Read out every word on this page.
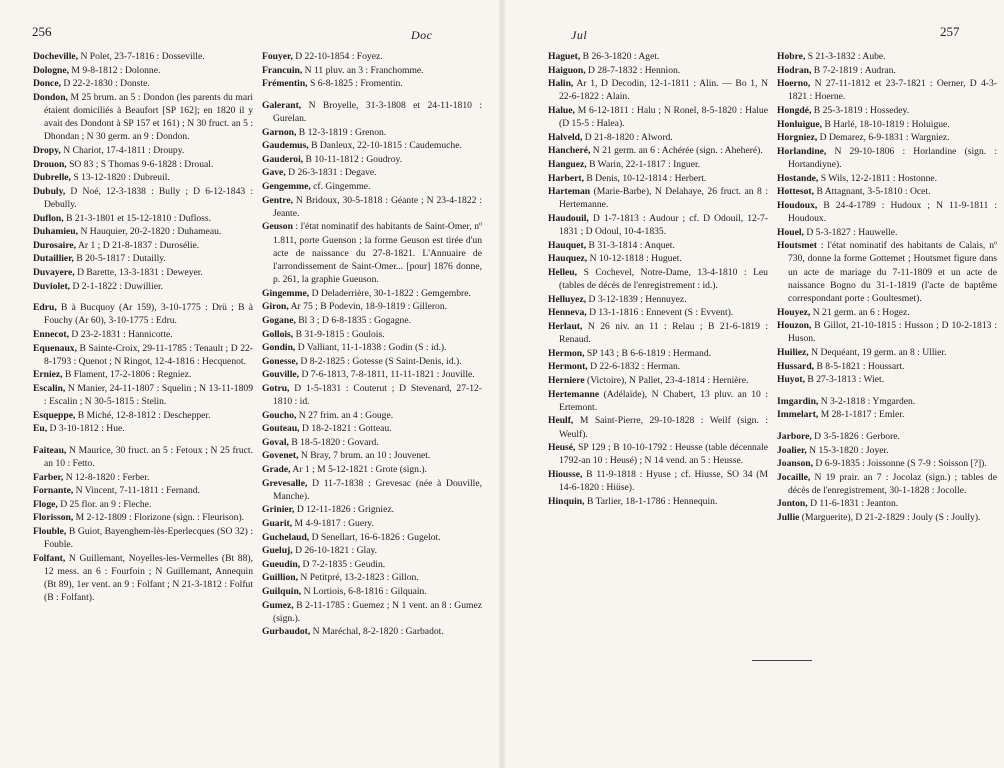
256	Doc
Docheville, N Polet, 23-7-1816 : Dosseville.
Dologne, M 9-8-1812 : Dolonne.
Donce, D 22-2-1830 : Donste.
Dondon, M 25 brum. an 5 : Dondon (les parents du mari étaient domiciliés à Beaufort [SP 162]; en 1820 il y avait des Dondont à SP 157 et 161) ; N 30 fruct. an 5 : Dhondan ; N 30 germ. an 9 : Dondon.
Dropy, N Chariot, 17-4-1811 : Droupy.
Drouon, SO 83 ; S Thomas 9-6-1828 : Droual.
Dubrelle, S 13-12-1820 : Dubreuil.
Dubuly, D Noé, 12-3-1838 : Bully ; D 6-12-1843 : Debully.
Duflon, B 21-3-1801 et 15-12-1810 : Dufloss.
Duhamieu, N Hauquier, 20-2-1820 : Duhameau.
Durosaire, Ar 1 ; D 21-8-1837 : Durosélie.
Dutaillier, B 20-5-1817 : Dutailly.
Duvayere, D Barette, 13-3-1831 : Deweyer.
Duviolet, D 2-1-1822 : Duwillier.
Edru, B à Bucquoy (Ar 159), 3-10-1775 : Drü ; B à Fouchy (Ar 60), 3-10-1775 : Edru.
Ennecot, D 23-2-1831 : Hannicotte.
Equenaux, B Sainte-Croix, 29-11-1785 : Tenault ; D 22-8-1793 : Quenot ; N Ringot, 12-4-1816 : Hecquenot.
Erniez, B Flament, 17-2-1806 : Regniez.
Escalin, N Manier, 24-11-1807 : Squelin ; N 13-11-1809 : Escalin ; N 30-5-1815 : Stelin.
Esqueppe, B Miché, 12-8-1812 : Deschepper.
Eu, D 3-10-1812 : Hue.
Faiteau, N Maurice, 30 fruct. an 5 : Fetoux ; N 25 fruct. an 10 : Fetto.
Farber, N 12-8-1820 : Ferber.
Fornante, N Vincent, 7-11-1811 : Fernand.
Floge, D 25 flor. an 9 : Fleche.
Florisson, M 2-12-1809 : Florizone (sign. : Fleurison).
Flouble, B Guiot, Bayenghem-lès-Eperlecques (SO 32) : Fouble.
Folfant, N Guillemant, Noyelles-les-Vermelles (Bt 88), 12 mess. an 6 : Fourfoin ; N Guillemant, Annequin (Bt 89), 1er vent. an 9 : Folfant ; N 21-3-1812 : Folfut (B : Folfant).
Fouyer, D 22-10-1854 : Foyez.
Francuin, N 11 pluv. an 3 : Franchomme.
Frémentin, S 6-8-1825 : Fromentin.
Galerant, N Broyelle, 31-3-1808 et 24-11-1810 : Gurelan.
Garnon, B 12-3-1819 : Grenon.
Gaudemus, B Danleux, 22-10-1815 : Caudemuche.
Gauderoi, B 10-11-1812 : Goudroy.
Gave, D 26-3-1831 : Degave.
Gengemme, cf. Gingemme.
Gentre, N Bridoux, 30-5-1818 : Géante ; N 23-4-1822 : Jeante.
Geuson : l'état nominatif des habitants de Saint-Omer, nº 1.811, porte Guenson ; la forme Geuson est tirée d'un acte de naissance du 27-8-1821. L'Annuaire de l'arrondissement de Saint-Omer... [pour] 1876 donne, p. 261, la graphie Gueuson.
Gingemme, D Deladerrière, 30-1-1822 : Gemgembre.
Giron, Ar 75 ; B Podevin, 18-9-1819 : Gilleron.
Gogane, Bl 3 ; D 6-8-1835 : Gogagne.
Gollois, B 31-9-1815 : Goulois.
Gondin, D Valliant, 11-1-1838 : Godin (S : id.).
Gonesse, D 8-2-1825 : Gotesse (S Saint-Denis, id.).
Gouville, D 7-6-1813, 7-8-1811, 11-11-1821 : Jouville.
Gotru, D 1-5-1831 : Couterut ; D Stevenard, 27-12-1810 : id.
Goucho, N 27 frim. an 4 : Gouge.
Gouteau, D 18-2-1821 : Gotteau.
Goval, B 18-5-1820 : Govard.
Govenet, N Bray, 7 brum. an 10 : Jouvenet.
Grade, Ar 1 ; M 5-12-1821 : Grote (sign.).
Grevesalle, D 11-7-1838 : Grevesac (née à Douville, Manche).
Grinier, D 12-11-1826 : Grigniez.
Guarit, M 4-9-1817 : Guery.
Guchelaud, D Senellart, 16-6-1826 : Gugelot.
Gueluj, D 26-10-1821 : Glay.
Gueudin, D 7-2-1835 : Geudin.
Guillion, N Petitpré, 13-2-1823 : Gillon.
Guilquin, N Lortiois, 6-8-1816 : Gilquain.
Gumez, B 2-11-1785 : Guemez ; N 1 vent. an 8 : Gumez (sign.).
Gurbaudot, N Maréchal, 8-2-1820 : Garbadot.
Jul	257
Haguet, B 26-3-1820 : Aget.
Haiguon, D 28-7-1832 : Hennion.
Halin, Ar 1, D Decodin, 12-1-1811 : Alin. — Bo 1, N 22-6-1822 : Alain.
Halue, M 6-12-1811 : Halu ; N Ronel, 8-5-1820 : Halue (D 15-5 : Halea).
Halveld, D 21-8-1820 : Alword.
Hancheré, N 21 germ. an 6 : Achérée (sign. : Aheheré).
Hanguez, B Warin, 22-1-1817 : Inguer.
Harbert, B Denis, 10-12-1814 : Herbert.
Harteman (Marie-Barbe), N Delahaye, 26 fruct. an 8 : Hertemanne.
Haudouil, D 1-7-1813 : Audour ; cf. D Odouil, 12-7-1831 ; D Odoul, 10-4-1835.
Hauquet, B 31-3-1814 : Anquet.
Hauquez, N 10-12-1818 : Huguet.
Helleu, S Cochevel, Notre-Dame, 13-4-1810 : Leu (tables de décès de l'enregistrement : id.).
Helluyez, D 3-12-1839 : Hennuyez.
Henneva, D 13-1-1816 : Ennevent (S : Evvent).
Herlaut, N 26 niv. an 11 : Relau ; B 21-6-1819 : Renaud.
Hermon, SP 143 ; B 6-6-1819 : Hermand.
Hermont, D 22-6-1832 : Herman.
Herniere (Victoire), N Pallet, 23-4-1814 : Hernière.
Hertemanne (Adélaïde), N Chabert, 13 pluv. an 10 : Ertemont.
Heulf, M Saint-Pierre, 29-10-1828 : Weilf (sign. : Weulf).
Heusé, SP 129 ; B 10-10-1792 : Heusse (table décennale 1792-an 10 : Heusé) ; N 14 vend. an 5 : Heusse.
Hiousse, B 11-9-1818 : Hyuse ; cf. Hiusse, SO 34 (M 14-6-1820 : Hiüse).
Hinquin, B Tarlier, 18-1-1786 : Hennequin.
Hobre, S 21-3-1832 : Aube.
Hodran, B 7-2-1819 : Audran.
Hoerno, N 27-11-1812 et 23-7-1821 : Oerner, D 4-3-1821 : Hoerne.
Hongdé, B 25-3-1819 : Hossedey.
Honluigue, B Harlé, 18-10-1819 : Holuigue.
Horgniez, D Demarez, 6-9-1831 : Wargniez.
Horlandine, N 29-10-1806 : Horlandine (sign. : Hortandiyne).
Hostande, S Wils, 12-2-1811 : Hostonne.
Hottesot, B Attagnant, 3-5-1810 : Ocet.
Houdoux, B 24-4-1789 : Hudoux ; N 11-9-1811 : Houdoux.
Houel, D 5-3-1827 : Hauwelle.
Houtsmet : l'état nominatif des habitants de Calais, nº 730, donne la forme Gottemet ; Houtsmet figure dans un acte de mariage du 7-11-1809 et un acte de naissance Bogno du 31-1-1819 (l'acte de baptême correspondant porte : Goultesmet).
Houyez, N 21 germ. an 6 : Hogez.
Houzon, B Gillot, 21-10-1815 : Husson ; D 10-2-1813 : Huson.
Huiliez, N Dequéant, 19 germ. an 8 : Ullier.
Hussard, B 8-5-1821 : Houssart.
Huyot, B 27-3-1813 : Wiet.
Imgardin, N 3-2-1818 : Ymgarden.
Immelart, M 28-1-1817 : Emler.
Jarbore, D 3-5-1826 : Gerbore.
Joalier, N 15-3-1820 : Joyer.
Joanson, D 6-9-1835 : Joissonne (S 7-9 : Soisson [?]).
Jocaille, N 19 prair. an 7 : Jocolaz (sign.) ; tables de décès de l'enregistrement, 30-1-1828 : Jocolle.
Jonton, D 11-6-1831 : Jeanton.
Jullie (Marguerite), D 21-2-1829 : Jouly (S : Joully).
